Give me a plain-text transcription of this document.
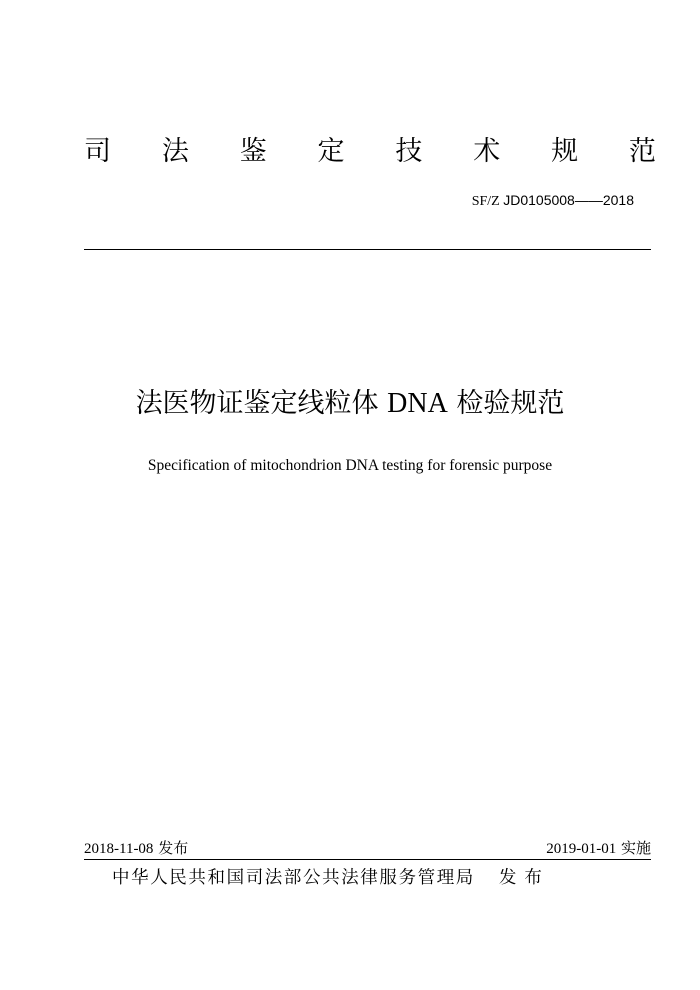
司 法 鉴 定 技 术 规 范
SF/Z JD0105008——2018
法医物证鉴定线粒体 DNA 检验规范
Specification of mitochondrion DNA testing for forensic purpose
2018-11-08 发布	2019-01-01 实施
中华人民共和国司法部公共法律服务管理局 发布
